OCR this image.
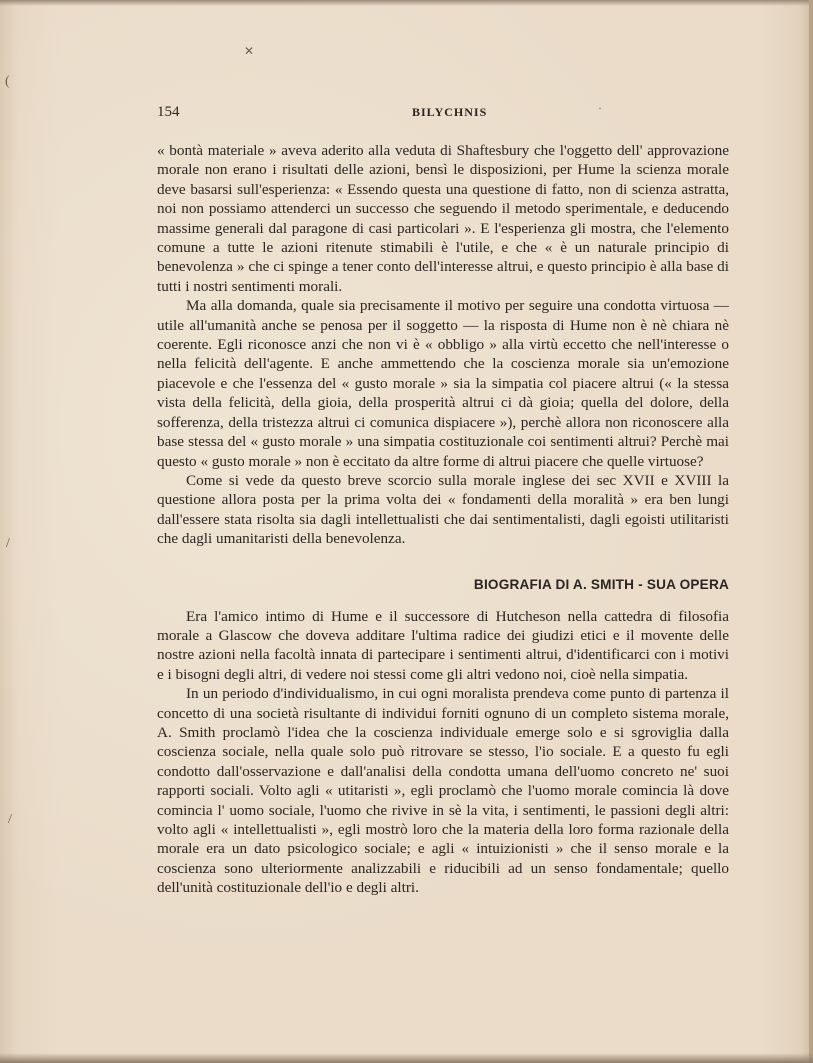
✕
·
(
/
/
154	BILYCHNIS

« bontà materiale » aveva aderito alla veduta di Shaftesbury che l'oggetto dell' approvazione morale non erano i risultati delle azioni, bensì le disposizioni, per Hume la scienza morale deve basarsi sull'esperienza: « Essendo questa una questione di fatto, non di scienza astratta, noi non possiamo attenderci un successo che seguendo il metodo sperimentale, e deducendo massime generali dal paragone di casi particolari ». E l'esperienza gli mostra, che l'elemento comune a tutte le azioni ritenute stimabili è l'utile, e che « è un naturale principio di benevolenza » che ci spinge a tener conto dell'interesse altrui, e questo principio è alla base di tutti i nostri sentimenti morali.

Ma alla domanda, quale sia precisamente il motivo per seguire una condotta virtuosa — utile all'umanità anche se penosa per il soggetto — la risposta di Hume non è nè chiara nè coerente. Egli riconosce anzi che non vi è « obbligo » alla virtù eccetto che nell'interesse o nella felicità dell'agente. E anche ammettendo che la coscienza morale sia un'emozione piacevole e che l'essenza del « gusto morale » sia la simpatia col piacere altrui (« la stessa vista della felicità, della gioia, della prosperità altrui ci dà gioia; quella del dolore, della sofferenza, della tristezza altrui ci comunica dispiacere »), perchè allora non riconoscere alla base stessa del « gusto morale » una simpatia costituzionale coi sentimenti altrui? Perchè mai questo « gusto morale » non è eccitato da altre forme di altrui piacere che quelle virtuose?

Come si vede da questo breve scorcio sulla morale inglese dei sec XVII e XVIII la questione allora posta per la prima volta dei « fondamenti della moralità » era ben lungi dall'essere stata risolta sia dagli intellettualisti che dai sentimentalisti, dagli egoisti utilitaristi che dagli umanitaristi della benevolenza.

BIOGRAFIA DI A. SMITH - SUA OPERA

Era l'amico intimo di Hume e il successore di Hutcheson nella cattedra di filosofia morale a Glascow che doveva additare l'ultima radice dei giudizi etici e il movente delle nostre azioni nella facoltà innata di partecipare i sentimenti altrui, d'identificarci con i motivi e i bisogni degli altri, di vedere noi stessi come gli altri vedono noi, cioè nella simpatia.

In un periodo d'individualismo, in cui ogni moralista prendeva come punto di partenza il concetto di una società risultante di individui forniti ognuno di un completo sistema morale, A. Smith proclamò l'idea che la coscienza individuale emerge solo e si sgroviglia dalla coscienza sociale, nella quale solo può ritrovare se stesso, l'io sociale. E a questo fu egli condotto dall'osservazione e dall'analisi della condotta umana dell'uomo concreto ne' suoi rapporti sociali. Volto agli « utitaristi », egli proclamò che l'uomo morale comincia là dove comincia l' uomo sociale, l'uomo che rivive in sè la vita, i sentimenti, le passioni degli altri: volto agli « intellettualisti », egli mostrò loro che la materia della loro forma razionale della morale era un dato psicologico sociale; e agli « intuizionisti » che il senso morale e la coscienza sono ulteriormente analizzabili e riducibili ad un senso fondamentale; quello dell'unità costituzionale dell'io e degli altri.
